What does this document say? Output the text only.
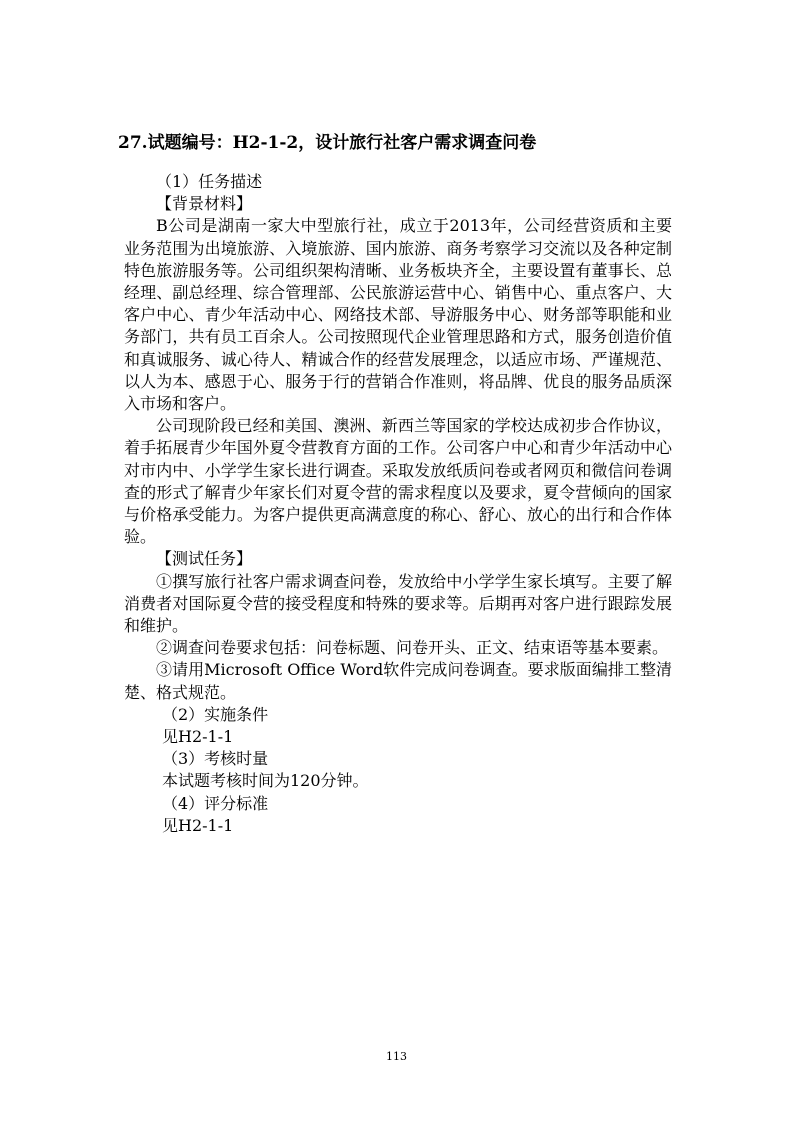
27.试题编号：H2-1-2，设计旅行社客户需求调查问卷

（1）任务描述

【背景材料】

B公司是湖南一家大中型旅行社，成立于2013年，公司经营资质和主要业务范围为出境旅游、入境旅游、国内旅游、商务考察学习交流以及各种定制特色旅游服务等。公司组织架构清晰、业务板块齐全，主要设置有董事长、总经理、副总经理、综合管理部、公民旅游运营中心、销售中心、重点客户、大客户中心、青少年活动中心、网络技术部、导游服务中心、财务部等职能和业务部门，共有员工百余人。公司按照现代企业管理思路和方式，服务创造价值和真诚服务、诚心待人、精诚合作的经营发展理念，以适应市场、严谨规范、以人为本、感恩于心、服务于行的营销合作准则，将品牌、优良的服务品质深入市场和客户。

公司现阶段已经和美国、澳洲、新西兰等国家的学校达成初步合作协议，着手拓展青少年国外夏令营教育方面的工作。公司客户中心和青少年活动中心对市内中、小学学生家长进行调查。采取发放纸质问卷或者网页和微信问卷调查的形式了解青少年家长们对夏令营的需求程度以及要求，夏令营倾向的国家与价格承受能力。为客户提供更高满意度的称心、舒心、放心的出行和合作体验。

【测试任务】

①撰写旅行社客户需求调查问卷，发放给中小学学生家长填写。主要了解消费者对国际夏令营的接受程度和特殊的要求等。后期再对客户进行跟踪发展和维护。

②调查问卷要求包括：问卷标题、问卷开头、正文、结束语等基本要素。

③请用Microsoft Office Word软件完成问卷调查。要求版面编排工整清楚、格式规范。

（2）实施条件

见H2-1-1

（3）考核时量

本试题考核时间为120分钟。

（4）评分标准

见H2-1-1

113
